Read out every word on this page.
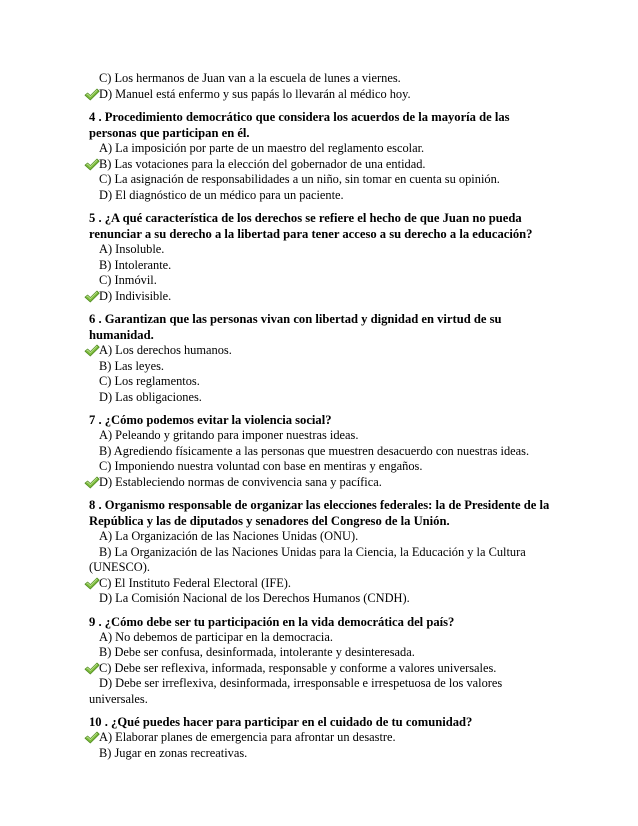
C) Los hermanos de Juan van a la escuela de lunes a viernes.
D) Manuel está enfermo y sus papás lo llevarán al médico hoy.
4 . Procedimiento democrático que considera los acuerdos de la mayoría de las personas que participan en él.
A) La imposición por parte de un maestro del reglamento escolar.
B) Las votaciones para la elección del gobernador de una entidad.
C) La asignación de responsabilidades a un niño, sin tomar en cuenta su opinión.
D) El diagnóstico de un médico para un paciente.
5 . ¿A qué característica de los derechos se refiere el hecho de que Juan no pueda renunciar a su derecho a la libertad para tener acceso a su derecho a la educación?
A) Insoluble.
B) Intolerante.
C) Inmóvil.
D) Indivisible.
6 . Garantizan que las personas vivan con libertad y dignidad en virtud de su humanidad.
A) Los derechos humanos.
B) Las leyes.
C) Los reglamentos.
D) Las obligaciones.
7 . ¿Cómo podemos evitar la violencia social?
A) Peleando y gritando para imponer nuestras ideas.
B) Agrediendo físicamente a las personas que muestren desacuerdo con nuestras ideas.
C) Imponiendo nuestra voluntad con base en mentiras y engaños.
D) Estableciendo normas de convivencia sana y pacífica.
8 . Organismo responsable de organizar las elecciones federales: la de Presidente de la República y las de diputados y senadores del Congreso de la Unión.
A) La Organización de las Naciones Unidas (ONU).
B) La Organización de las Naciones Unidas para la Ciencia, la Educación y la Cultura (UNESCO).
C) El Instituto Federal Electoral (IFE).
D) La Comisión Nacional de los Derechos Humanos (CNDH).
9 . ¿Cómo debe ser tu participación en la vida democrática del país?
A) No debemos de participar en la democracia.
B) Debe ser confusa, desinformada, intolerante y desinteresada.
C) Debe ser reflexiva, informada, responsable y conforme a valores universales.
D) Debe ser irreflexiva, desinformada, irresponsable e irrespetuosa de los valores universales.
10 . ¿Qué puedes hacer para participar en el cuidado de tu comunidad?
A) Elaborar planes de emergencia para afrontar un desastre.
B) Jugar en zonas recreativas.
